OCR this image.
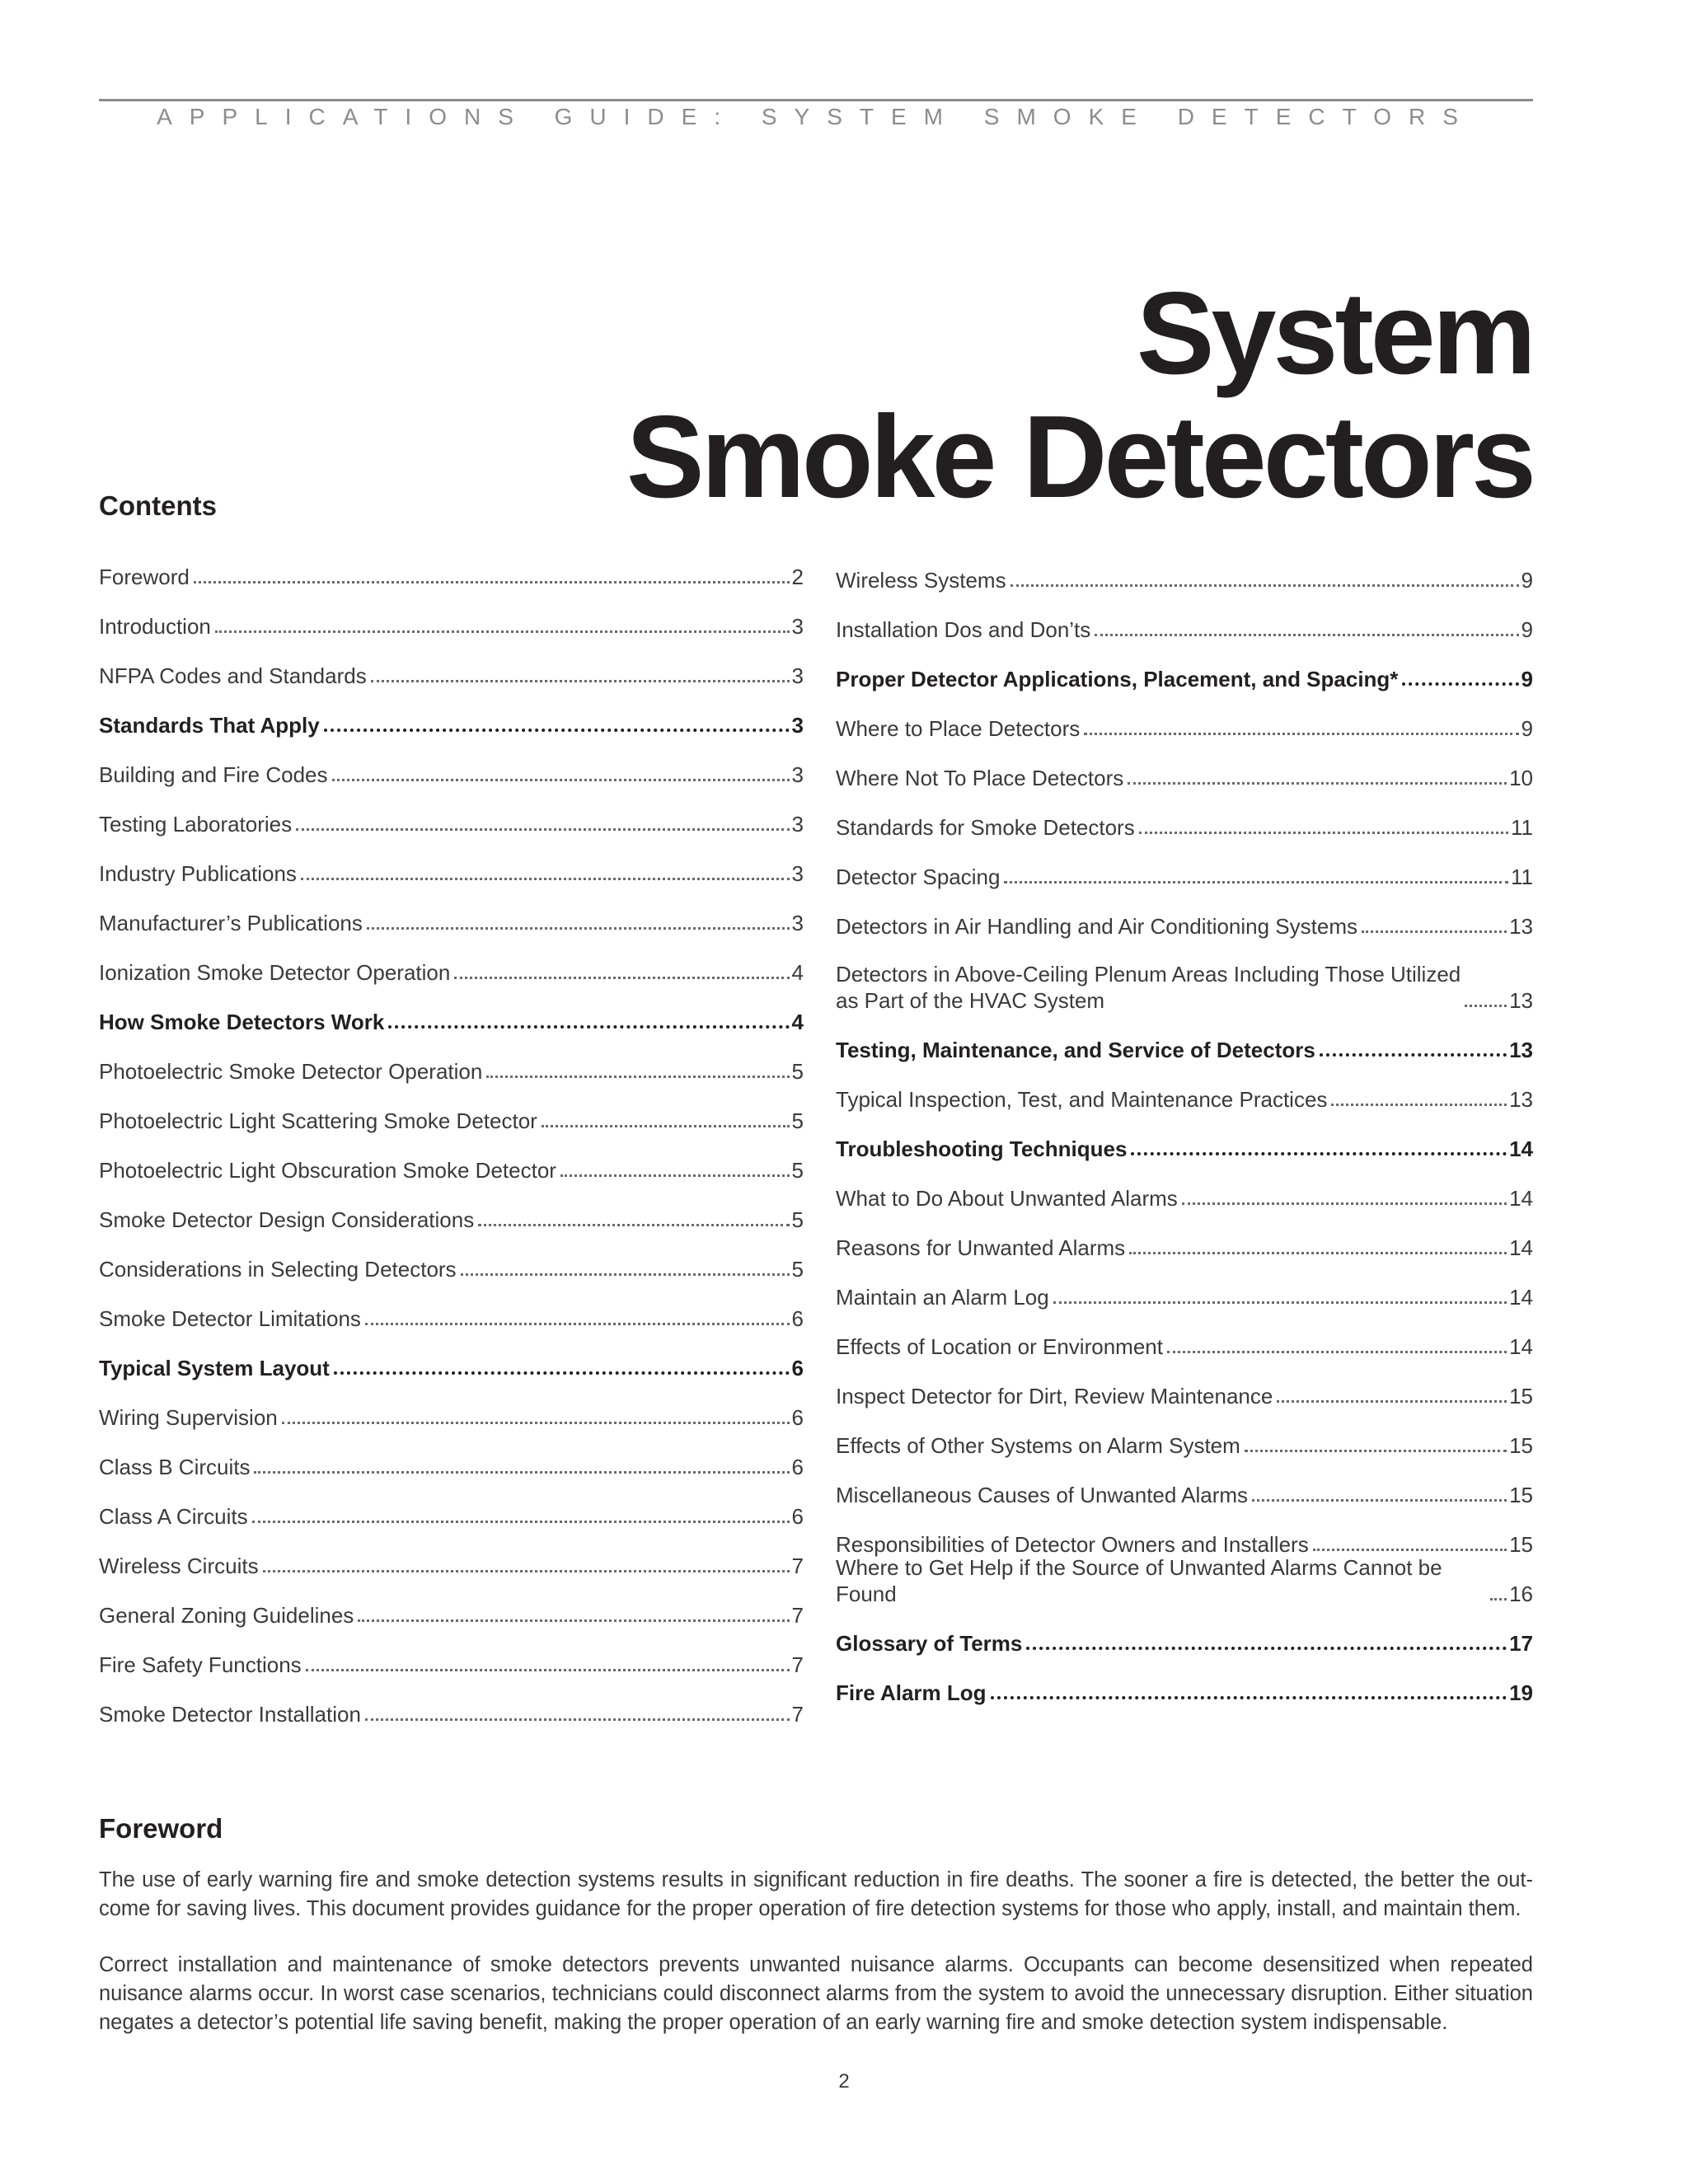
APPLICATIONS GUIDE: SYSTEM SMOKE DETECTORS
System
Smoke Detectors
Contents
Foreword	2
Introduction	3
NFPA Codes and Standards	3
Standards That Apply	3
Building and Fire Codes	3
Testing Laboratories	3
Industry Publications	3
Manufacturer’s Publications	3
Ionization Smoke Detector Operation	4
How Smoke Detectors Work	4
Photoelectric Smoke Detector Operation	5
Photoelectric Light Scattering Smoke Detector	5
Photoelectric Light Obscuration Smoke Detector	5
Smoke Detector Design Considerations	5
Considerations in Selecting Detectors	5
Smoke Detector Limitations	6
Typical System Layout	6
Wiring Supervision	6
Class B Circuits	6
Class A Circuits	6
Wireless Circuits	7
General Zoning Guidelines	7
Fire Safety Functions	7
Smoke Detector Installation	7
Wireless Systems	9
Installation Dos and Don’ts	9
Proper Detector Applications, Placement, and Spacing*	9
Where to Place Detectors	9
Where Not To Place Detectors	10
Standards for Smoke Detectors	11
Detector Spacing	11
Detectors in Air Handling and Air Conditioning Systems	13
Detectors in Above-Ceiling Plenum Areas Including Those Utilized
as Part of the HVAC System	13
Testing, Maintenance, and Service of Detectors	13
Typical Inspection, Test, and Maintenance Practices	13
Troubleshooting Techniques	14
What to Do About Unwanted Alarms	14
Reasons for Unwanted Alarms	14
Maintain an Alarm Log	14
Effects of Location or Environment	14
Inspect Detector for Dirt, Review Maintenance	15
Effects of Other Systems on Alarm System	15
Miscellaneous Causes of Unwanted Alarms	15
Responsibilities of Detector Owners and Installers	15
Where to Get Help if the Source of Unwanted Alarms Cannot be Found	16
Glossary of Terms	17
Fire Alarm Log	19
Foreword

The use of early warning fire and smoke detection systems results in significant reduction in fire deaths. The sooner a fire is detected, the better the outcome for saving lives. This document provides guidance for the proper operation of fire detection systems for those who apply, install, and maintain them.

Correct installation and maintenance of smoke detectors prevents unwanted nuisance alarms. Occupants can become desensitized when repeated nuisance alarms occur. In worst case scenarios, technicians could disconnect alarms from the system to avoid the unnecessary disruption. Either situation negates a detector’s potential life saving benefit, making the proper operation of an early warning fire and smoke detection system indispensable.

2
